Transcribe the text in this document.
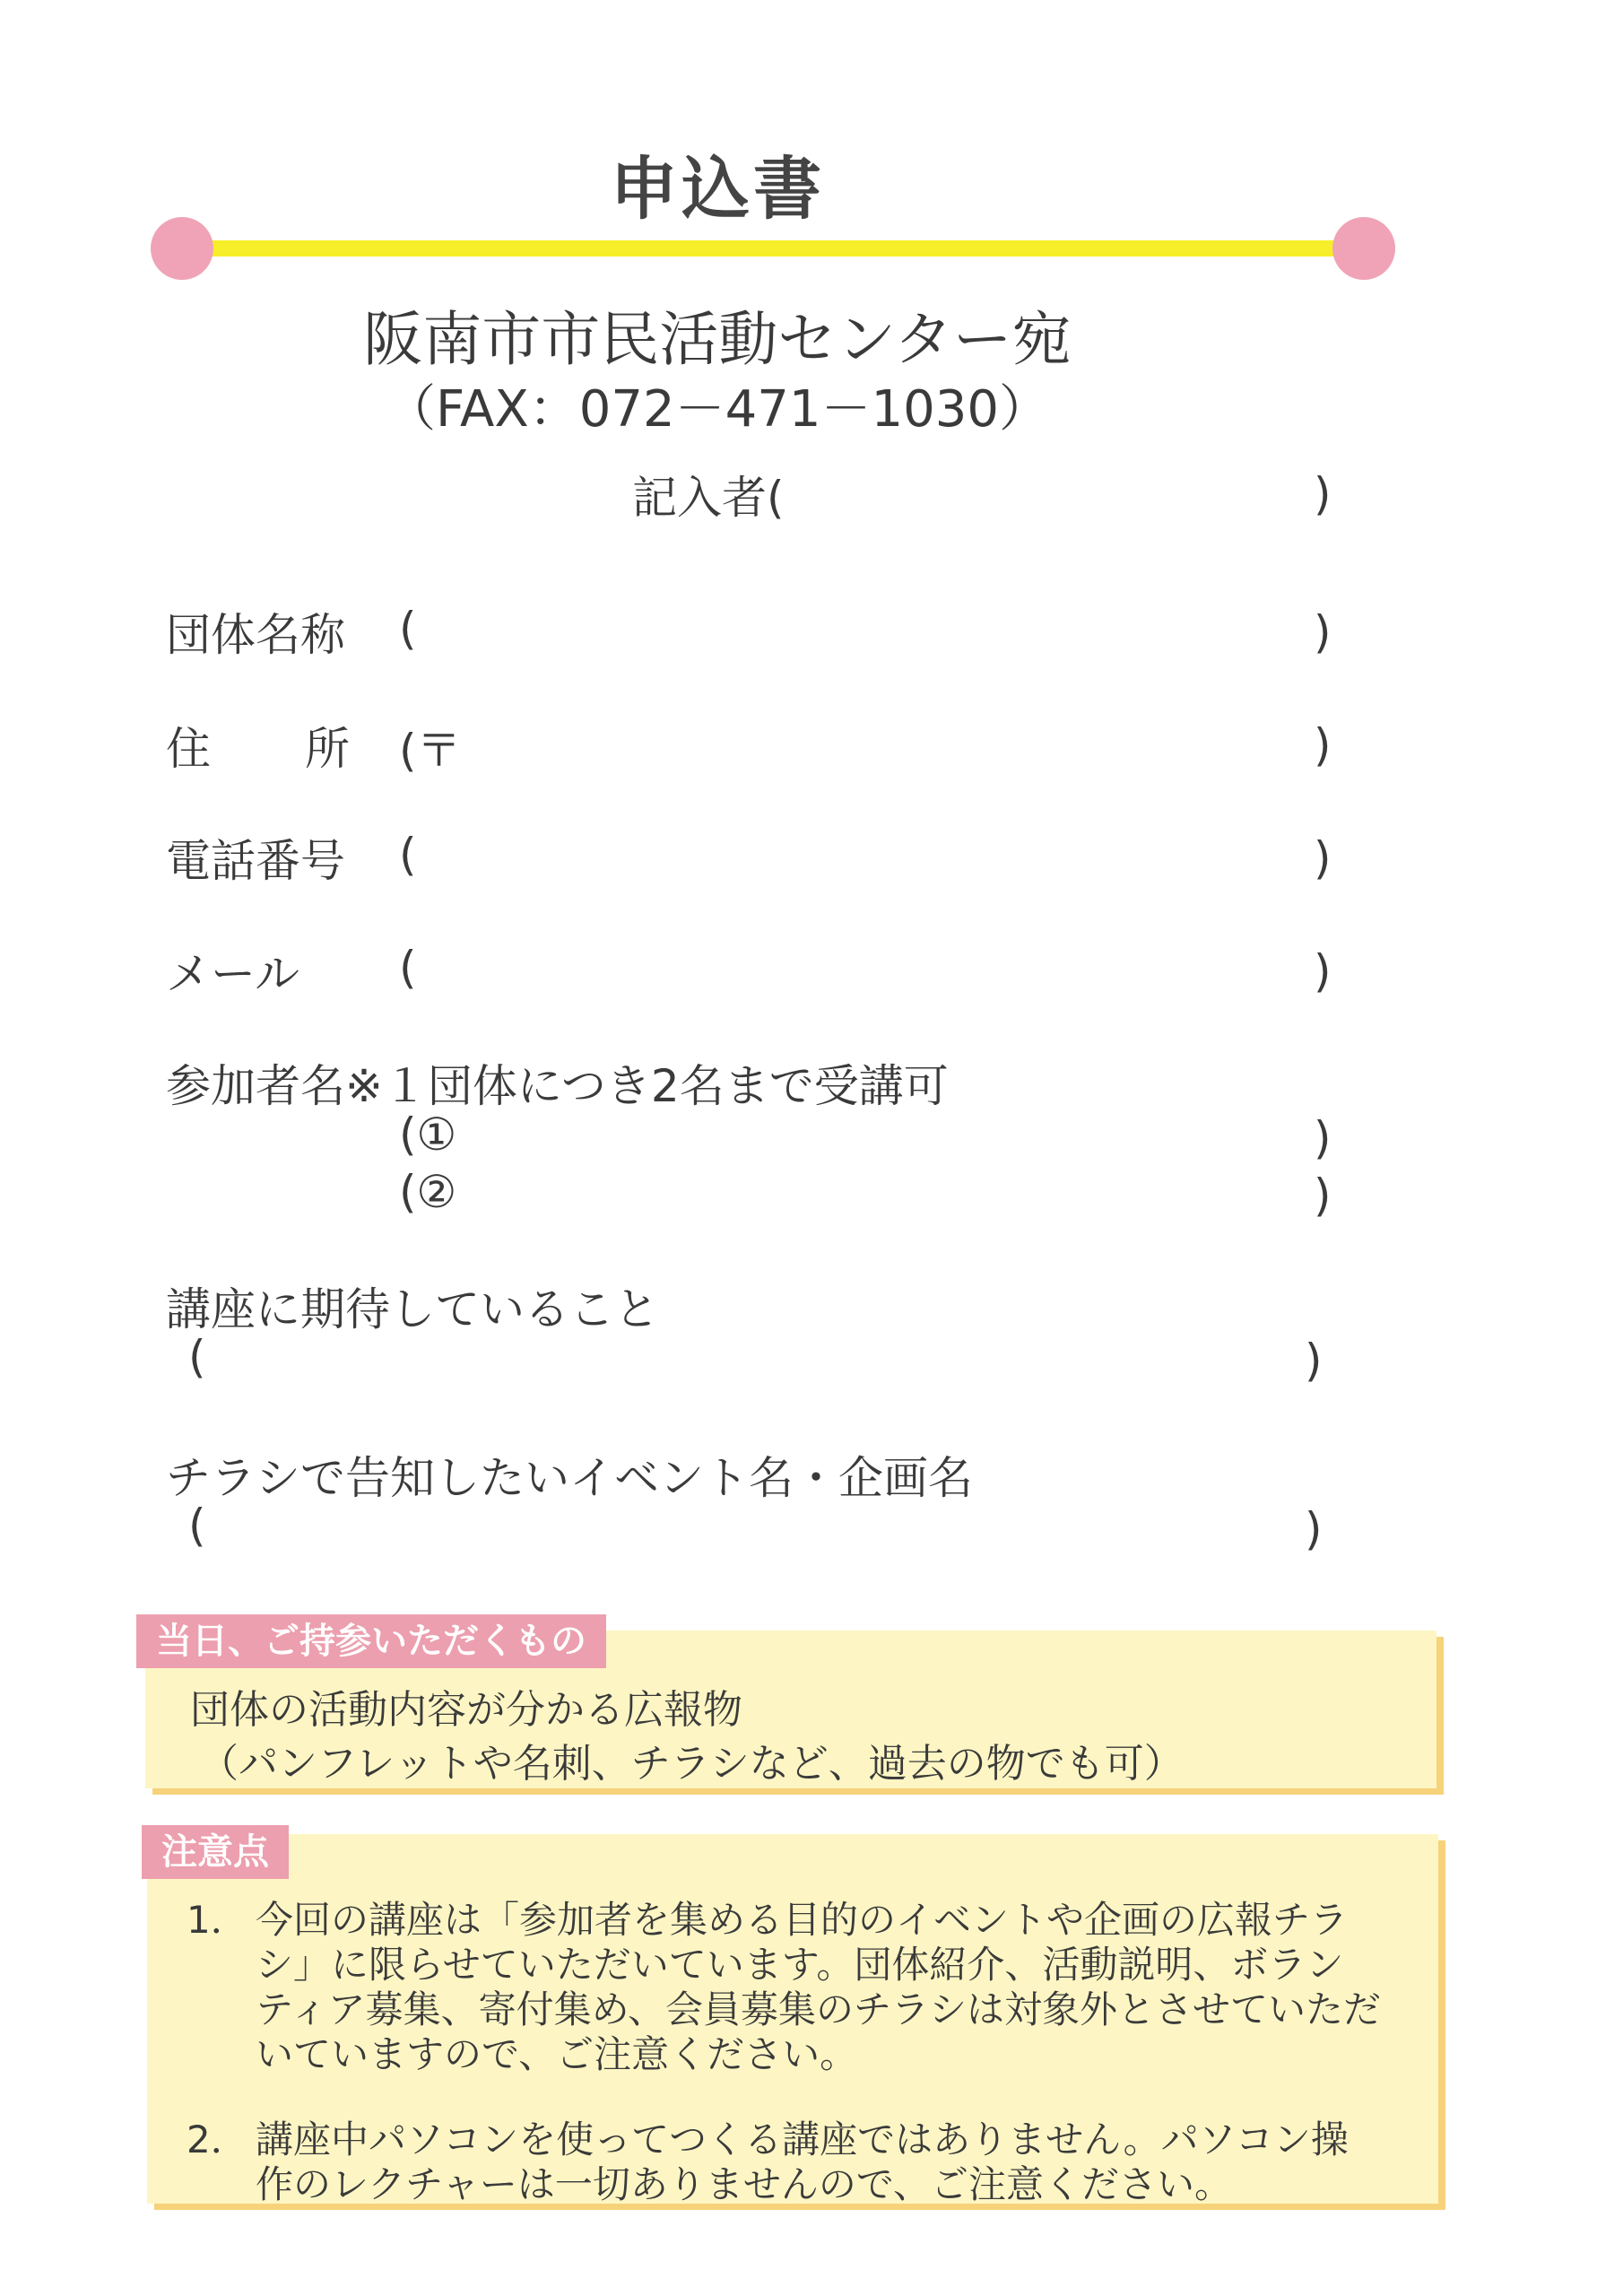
申込書
阪南市市民活動センター宛
（FAX：072－471－1030）
記入者(	)
団体名称 (	)
住 所 (〒	)
電話番号 (	)
メール (	)
参加者名※１団体につき2名まで受講可
(①	)
(②	)
講座に期待していること
(	)
チラシで告知したいイベント名・企画名
(	)
当日、ご持参いただくもの
団体の活動内容が分かる広報物
（パンフレットや名刺、チラシなど、過去の物でも可）
注意点
1． 今回の講座は「参加者を集める目的のイベントや企画の広報チラ
シ」に限らせていただいています。団体紹介、活動説明、ボラン
ティア募集、寄付集め、会員募集のチラシは対象外とさせていただ
いていますので、ご注意ください。
2． 講座中パソコンを使ってつくる講座ではありません。パソコン操
作のレクチャーは一切ありませんので、ご注意ください。
